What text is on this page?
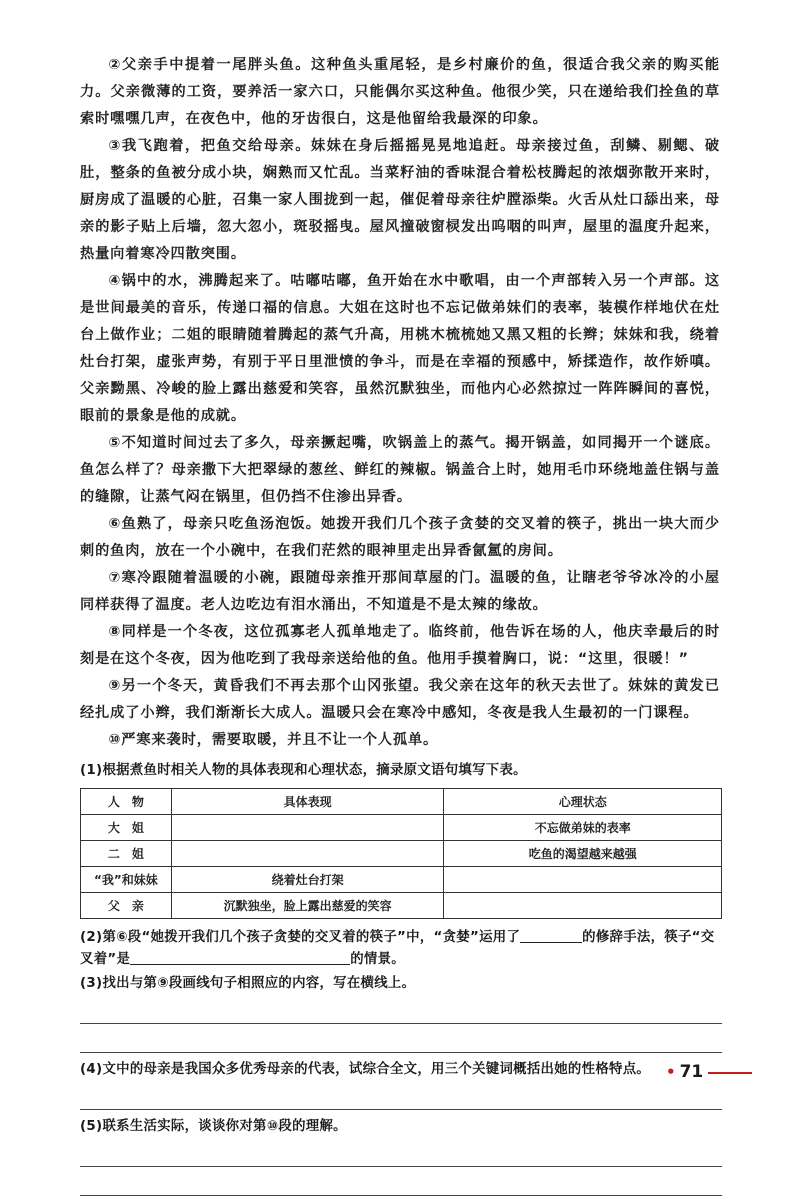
②父亲手中提着一尾胖头鱼。这种鱼头重尾轻，是乡村廉价的鱼，很适合我父亲的购买能力。父亲微薄的工资，要养活一家六口，只能偶尔买这种鱼。他很少笑，只在递给我们拴鱼的草索时嘿嘿几声，在夜色中，他的牙齿很白，这是他留给我最深的印象。

③我飞跑着，把鱼交给母亲。妹妹在身后摇摇晃晃地追赶。母亲接过鱼，刮鳞、剔鳃、破肚，整条的鱼被分成小块，娴熟而又忙乱。当菜籽油的香味混合着松枝腾起的浓烟弥散开来时，厨房成了温暖的心脏，召集一家人围拢到一起，催促着母亲往炉膛添柴。火舌从灶口舔出来，母亲的影子贴上后墙，忽大忽小，斑驳摇曳。屋风撞破窗棂发出呜咽的叫声，屋里的温度升起来，热量向着寒冷四散突围。

④锅中的水，沸腾起来了。咕嘟咕嘟，鱼开始在水中歌唱，由一个声部转入另一个声部。这是世间最美的音乐，传递口福的信息。大姐在这时也不忘记做弟妹们的表率，装模作样地伏在灶台上做作业；二姐的眼睛随着腾起的蒸气升高，用桃木梳梳她又黑又粗的长辫；妹妹和我，绕着灶台打架，虚张声势，有别于平日里泄愤的争斗，而是在幸福的预感中，矫揉造作，故作娇嗔。父亲黝黑、冷峻的脸上露出慈爱和笑容，虽然沉默独坐，而他内心必然掠过一阵阵瞬间的喜悦，眼前的景象是他的成就。

⑤不知道时间过去了多久，母亲撅起嘴，吹锅盖上的蒸气。揭开锅盖，如同揭开一个谜底。鱼怎么样了？母亲撒下大把翠绿的葱丝、鲜红的辣椒。锅盖合上时，她用毛巾环绕地盖住锅与盖的缝隙，让蒸气闷在锅里，但仍挡不住渗出异香。

⑥鱼熟了，母亲只吃鱼汤泡饭。她拨开我们几个孩子贪婪的交叉着的筷子，挑出一块大而少刺的鱼肉，放在一个小碗中，在我们茫然的眼神里走出异香氤氲的房间。

⑦寒冷跟随着温暖的小碗，跟随母亲推开那间草屋的门。温暖的鱼，让瞎老爷爷冰冷的小屋同样获得了温度。老人边吃边有泪水涌出，不知道是不是太辣的缘故。

⑧同样是一个冬夜，这位孤寡老人孤单地走了。临终前，他告诉在场的人，他庆幸最后的时刻是在这个冬夜，因为他吃到了我母亲送给他的鱼。他用手摸着胸口，说：“这里，很暖！”

⑨另一个冬天，黄昏我们不再去那个山冈张望。我父亲在这年的秋天去世了。妹妹的黄发已经扎成了小辫，我们渐渐长大成人。温暖只会在寒冷中感知，冬夜是我人生最初的一门课程。

⑩严寒来袭时，需要取暖，并且不让一个人孤单。

(1)根据煮鱼时相关人物的具体表现和心理状态，摘录原文语句填写下表。

人　物	具体表现	心理状态
大　姐		不忘做弟妹的表率
二　姐		吃鱼的渴望越来越强
“我”和妹妹	绕着灶台打架	
父　亲	沉默独坐，脸上露出慈爱的笑容	

(2)第⑥段“她拨开我们几个孩子贪婪的交叉着的筷子”中，“贪婪”运用了	的修辞手法，筷子“交
叉着”是	的情景。

(3)找出与第⑨段画线句子相照应的内容，写在横线上。

(4)文中的母亲是我国众多优秀母亲的代表，试综合全文，用三个关键词概括出她的性格特点。

(5)联系生活实际，谈谈你对第⑩段的理解。

• 71
